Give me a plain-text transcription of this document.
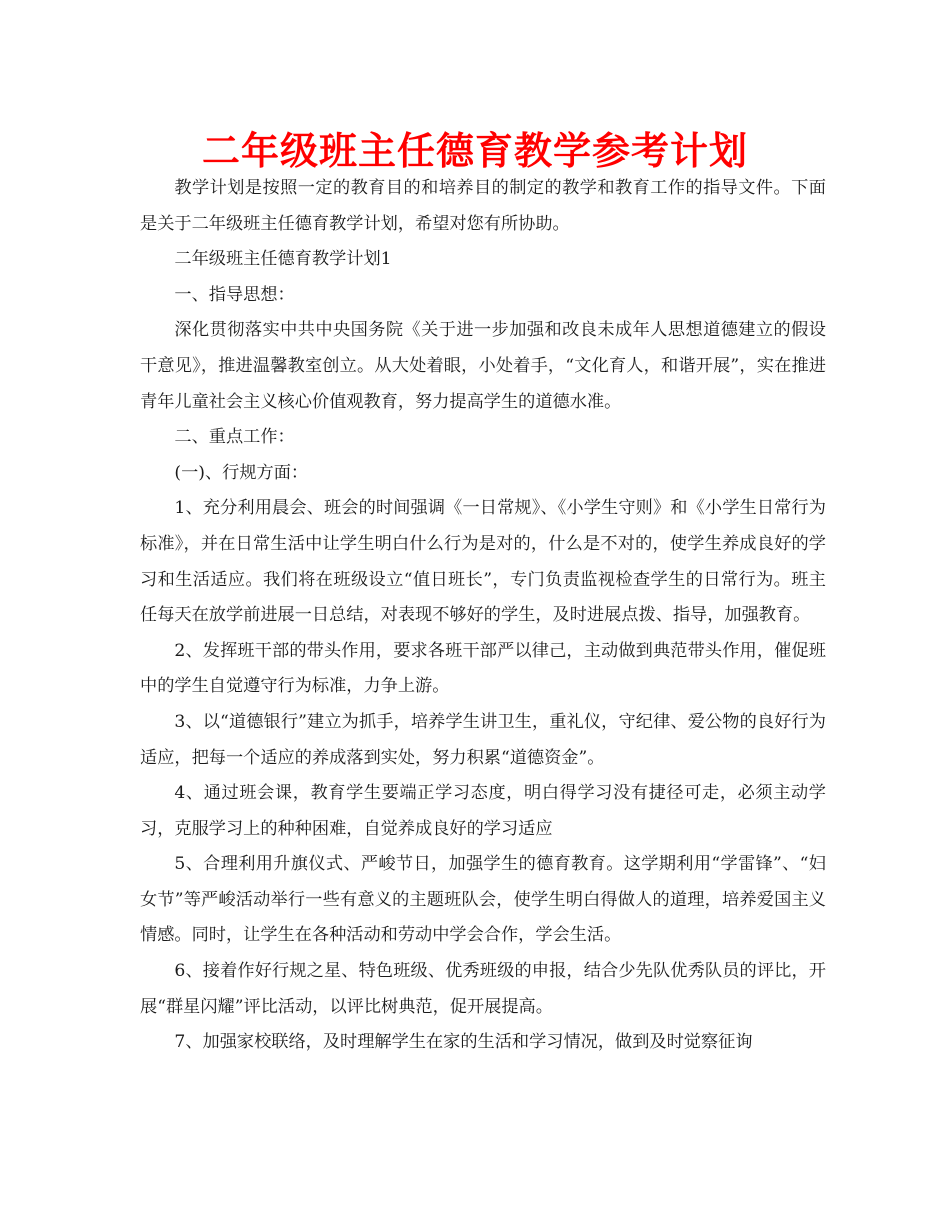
二年级班主任德育教学参考计划

教学计划是按照一定的教育目的和培养目的制定的教学和教育工作的指导文件。下面是关于二年级班主任德育教学计划，希望对您有所协助。

二年级班主任德育教学计划1

一、指导思想：

深化贯彻落实中共中央国务院《关于进一步加强和改良未成年人思想道德建立的假设干意见》，推进温馨教室创立。从大处着眼，小处着手，“文化育人，和谐开展”，实在推进青年儿童社会主义核心价值观教育，努力提高学生的道德水准。

二、重点工作：

(一)、行规方面：

1、充分利用晨会、班会的时间强调《一日常规》、《小学生守则》和《小学生日常行为标准》，并在日常生活中让学生明白什么行为是对的，什么是不对的，使学生养成良好的学习和生活适应。我们将在班级设立“值日班长”，专门负责监视检查学生的日常行为。班主任每天在放学前进展一日总结，对表现不够好的学生，及时进展点拨、指导，加强教育。

2、发挥班干部的带头作用，要求各班干部严以律己，主动做到典范带头作用，催促班中的学生自觉遵守行为标准，力争上游。

3、以“道德银行”建立为抓手，培养学生讲卫生，重礼仪，守纪律、爱公物的良好行为适应，把每一个适应的养成落到实处，努力积累“道德资金”。

4、通过班会课，教育学生要端正学习态度，明白得学习没有捷径可走，必须主动学习，克服学习上的种种困难，自觉养成良好的学习适应

5、合理利用升旗仪式、严峻节日，加强学生的德育教育。这学期利用“学雷锋”、“妇女节”等严峻活动举行一些有意义的主题班队会，使学生明白得做人的道理，培养爱国主义情感。同时，让学生在各种活动和劳动中学会合作，学会生活。

6、接着作好行规之星、特色班级、优秀班级的申报，结合少先队优秀队员的评比，开展“群星闪耀”评比活动，以评比树典范，促开展提高。

7、加强家校联络，及时理解学生在家的生活和学习情况，做到及时觉察征询
